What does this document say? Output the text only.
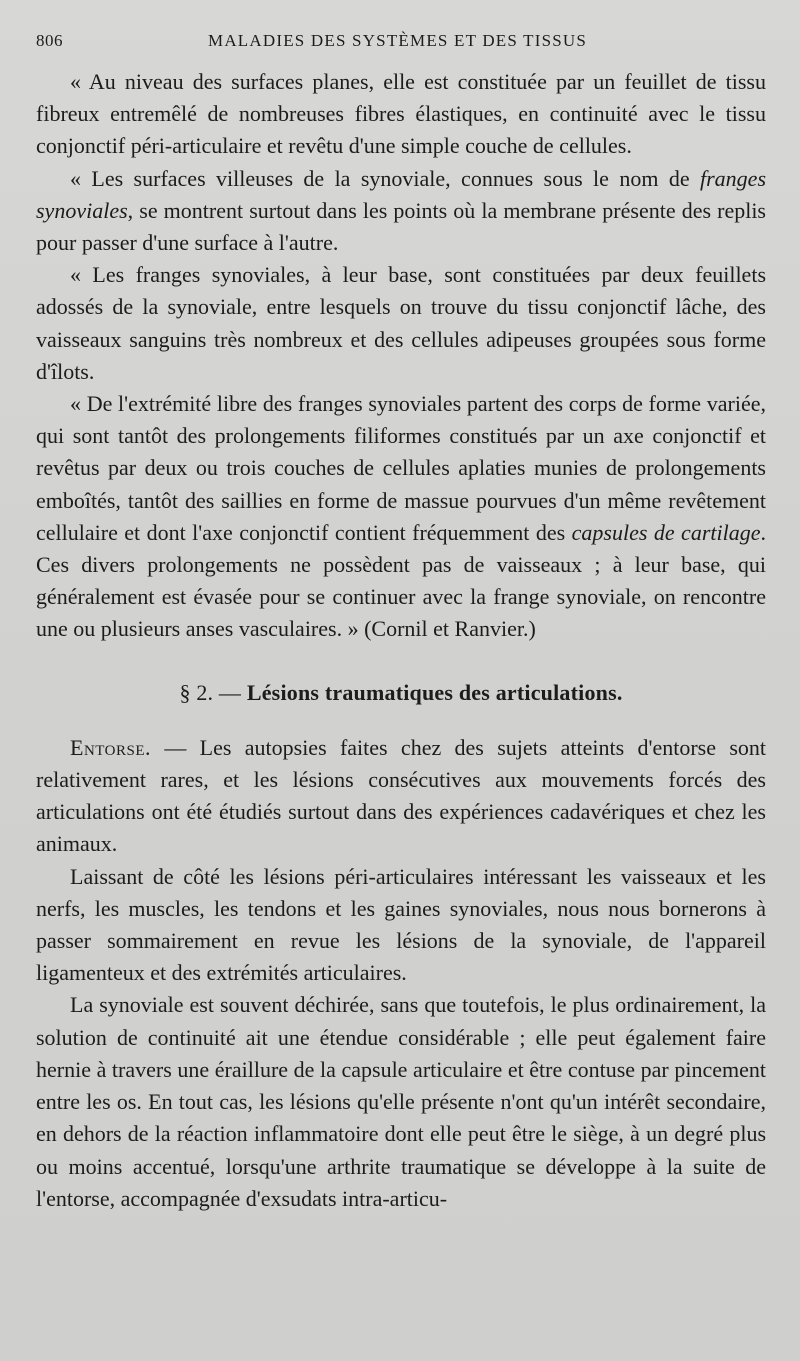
806	MALADIES DES SYSTÈMES ET DES TISSUS

« Au niveau des surfaces planes, elle est constituée par un feuillet de tissu fibreux entremêlé de nombreuses fibres élastiques, en continuité avec le tissu conjonctif péri-articulaire et revêtu d'une simple couche de cellules.

« Les surfaces villeuses de la synoviale, connues sous le nom de franges synoviales, se montrent surtout dans les points où la membrane présente des replis pour passer d'une surface à l'autre.

« Les franges synoviales, à leur base, sont constituées par deux feuillets adossés de la synoviale, entre lesquels on trouve du tissu conjonctif lâche, des vaisseaux sanguins très nombreux et des cellules adipeuses groupées sous forme d'îlots.

« De l'extrémité libre des franges synoviales partent des corps de forme variée, qui sont tantôt des prolongements filiformes constitués par un axe conjonctif et revêtus par deux ou trois couches de cellules aplaties munies de prolongements emboîtés, tantôt des saillies en forme de massue pourvues d'un même revêtement cellulaire et dont l'axe conjonctif contient fréquemment des capsules de cartilage. Ces divers prolongements ne possèdent pas de vaisseaux ; à leur base, qui généralement est évasée pour se continuer avec la frange synoviale, on rencontre une ou plusieurs anses vasculaires. » (Cornil et Ranvier.)

§ 2. — Lésions traumatiques des articulations.

Entorse. — Les autopsies faites chez des sujets atteints d'entorse sont relativement rares, et les lésions consécutives aux mouvements forcés des articulations ont été étudiés surtout dans des expériences cadavériques et chez les animaux.

Laissant de côté les lésions péri-articulaires intéressant les vaisseaux et les nerfs, les muscles, les tendons et les gaines synoviales, nous nous bornerons à passer sommairement en revue les lésions de la synoviale, de l'appareil ligamenteux et des extrémités articulaires.

La synoviale est souvent déchirée, sans que toutefois, le plus ordinairement, la solution de continuité ait une étendue considérable ; elle peut également faire hernie à travers une éraillure de la capsule articulaire et être contuse par pincement entre les os. En tout cas, les lésions qu'elle présente n'ont qu'un intérêt secondaire, en dehors de la réaction inflammatoire dont elle peut être le siège, à un degré plus ou moins accentué, lorsqu'une arthrite traumatique se développe à la suite de l'entorse, accompagnée d'exsudats intra-articu-
